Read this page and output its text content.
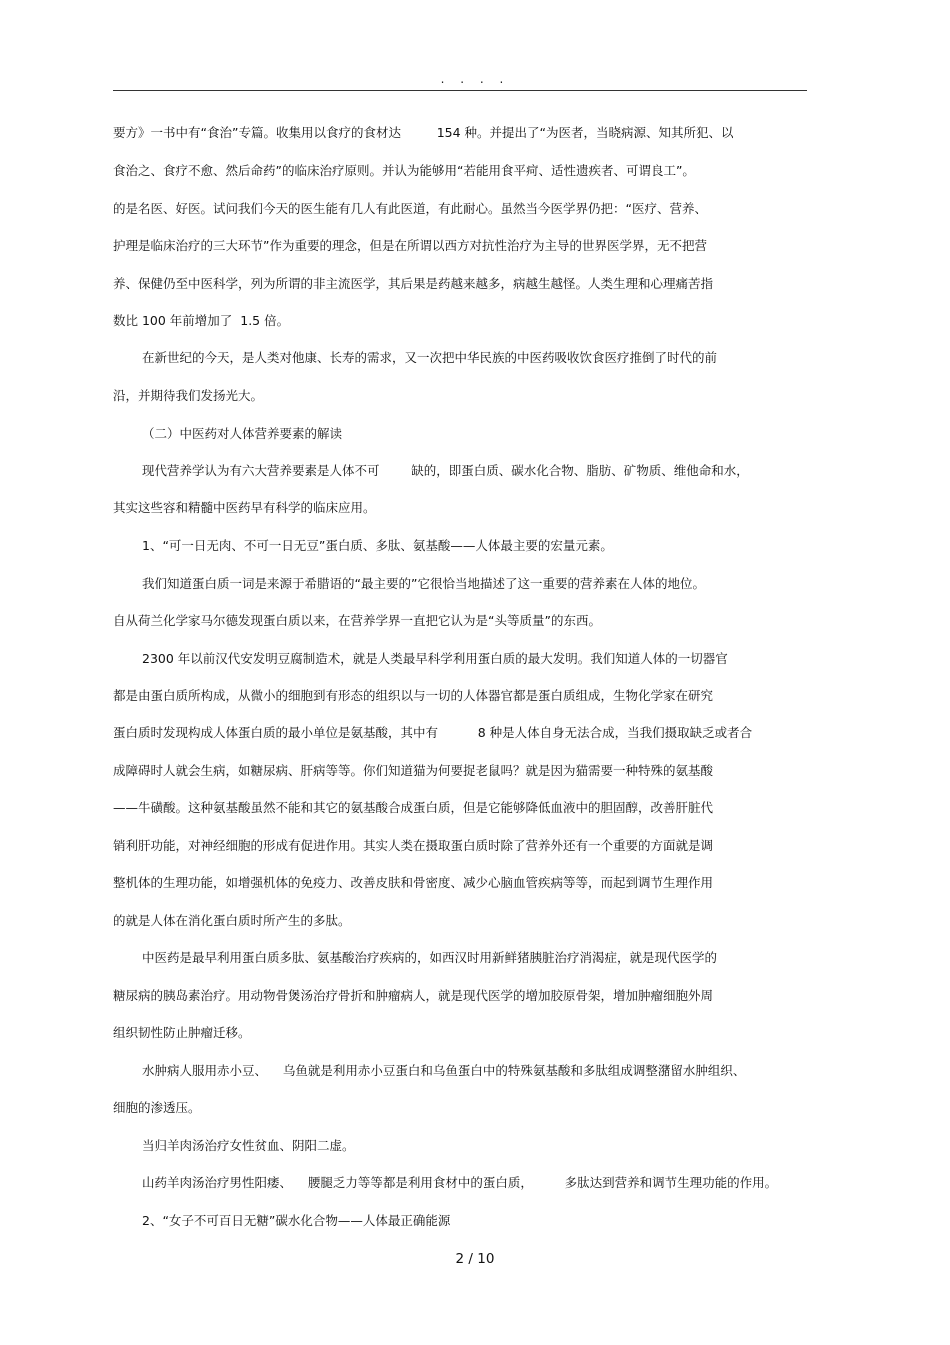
. . . .
要方》一书中有“食治”专篇。收集用以食疗的食材达         154 种。并提出了“为医者，当晓病源、知其所犯、以
食治之、食疗不愈、然后命药”的临床治疗原则。并认为能够用“若能用食平疴、适性遗疾者、可谓良工”。
的是名医、好医。试问我们今天的医生能有几人有此医道，有此耐心。虽然当今医学界仍把：“医疗、营养、
护理是临床治疗的三大环节”作为重要的理念，但是在所谓以西方对抗性治疗为主导的世界医学界，无不把营
养、保健仍至中医科学，列为所谓的非主流医学，其后果是药越来越多，病越生越怪。人类生理和心理痛苦指
数比 100 年前增加了  1.5 倍。
在新世纪的今天，是人类对他康、长寿的需求，又一次把中华民族的中医药吸收饮食医疗推倒了时代的前
沿，并期待我们发扬光大。
（二）中医药对人体营养要素的解读
现代营养学认为有六大营养要素是人体不可        缺的，即蛋白质、碳水化合物、脂肪、矿物质、维他命和水，
其实这些容和精髓中医药早有科学的临床应用。
1、“可一日无肉、不可一日无豆”蛋白质、多肽、氨基酸——人体最主要的宏量元素。
我们知道蛋白质一词是来源于希腊语的“最主要的”它很恰当地描述了这一重要的营养素在人体的地位。
自从荷兰化学家马尔德发现蛋白质以来，在营养学界一直把它认为是“头等质量”的东西。
2300 年以前汉代安发明豆腐制造术，就是人类最早科学利用蛋白质的最大发明。我们知道人体的一切器官
都是由蛋白质所构成，从微小的细胞到有形态的组织以与一切的人体器官都是蛋白质组成，生物化学家在研究
蛋白质时发现构成人体蛋白质的最小单位是氨基酸，其中有          8 种是人体自身无法合成，当我们摄取缺乏或者合
成障碍时人就会生病，如糖尿病、肝病等等。你们知道猫为何要捉老鼠吗？就是因为猫需要一种特殊的氨基酸
——牛磺酸。这种氨基酸虽然不能和其它的氨基酸合成蛋白质，但是它能够降低血液中的胆固醇，改善肝脏代
销利肝功能，对神经细胞的形成有促进作用。其实人类在摄取蛋白质时除了营养外还有一个重要的方面就是调
整机体的生理功能，如增强机体的免疫力、改善皮肤和骨密度、减少心脑血管疾病等等，而起到调节生理作用
的就是人体在消化蛋白质时所产生的多肽。
中医药是最早利用蛋白质多肽、氨基酸治疗疾病的，如西汉时用新鲜猪胰脏治疗消渴症，就是现代医学的
糖尿病的胰岛素治疗。用动物骨煲汤治疗骨折和肿瘤病人，就是现代医学的增加胶原骨架，增加肿瘤细胞外周
组织韧性防止肿瘤迁移。
水肿病人服用赤小豆、    乌鱼就是利用赤小豆蛋白和乌鱼蛋白中的特殊氨基酸和多肽组成调整潴留水肿组织、
细胞的渗透压。
当归羊肉汤治疗女性贫血、阴阳二虚。
山药羊肉汤治疗男性阳痿、    腰腿乏力等等都是利用食材中的蛋白质，        多肽达到营养和调节生理功能的作用。
2、“女子不可百日无糖”碳水化合物——人体最正确能源
2 / 10
